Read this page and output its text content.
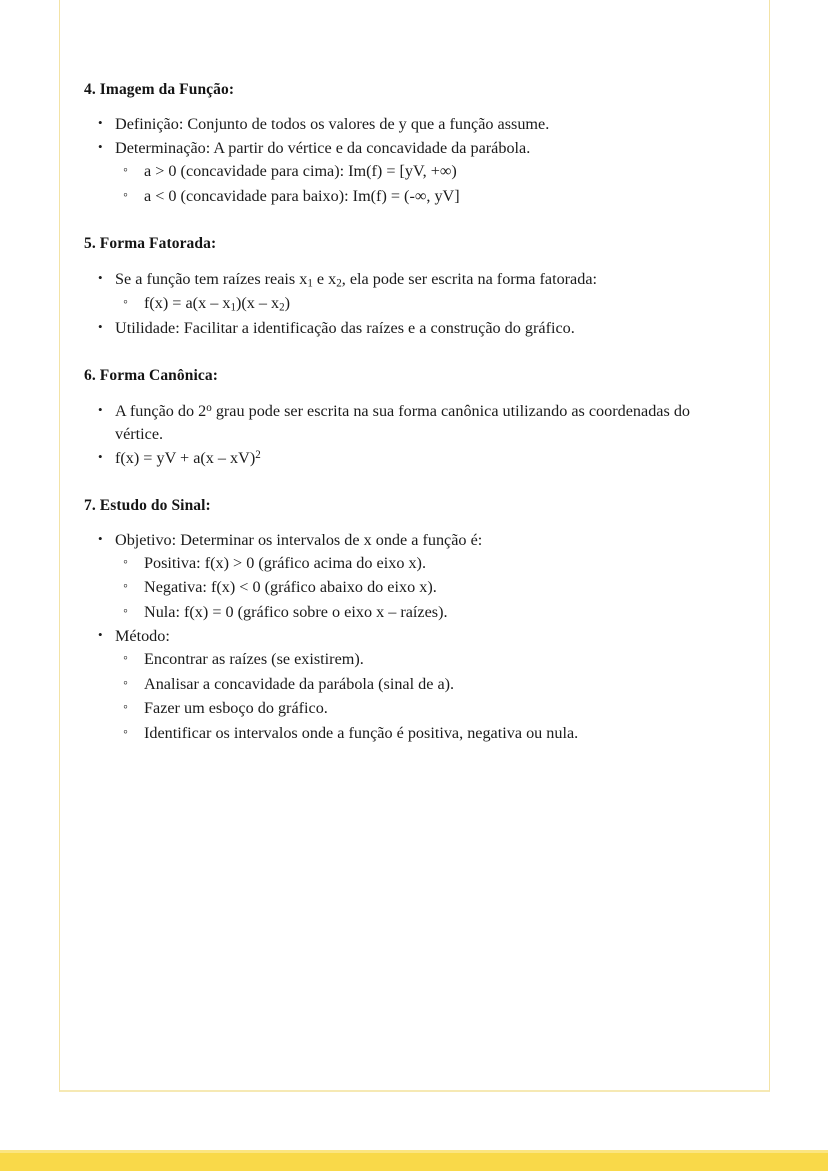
4. Imagem da Função:
• Definição: Conjunto de todos os valores de y que a função assume.
• Determinação: A partir do vértice e da concavidade da parábola.
◦ a > 0 (concavidade para cima): Im(f) = [yV, +∞)
◦ a < 0 (concavidade para baixo): Im(f) = (-∞, yV]
5. Forma Fatorada:
• Se a função tem raízes reais $x_1$ e $x_2$, ela pode ser escrita na forma fatorada:
◦ $f(x) = a(x - x_1)(x - x_2)$
• Utilidade: Facilitar a identificação das raízes e a construção do gráfico.
6. Forma Canônica:
• A função do 2$^o$ grau pode ser escrita na sua forma canônica utilizando as coordenadas do vértice.
• f(x) = yV + a(x – xV)$^2$
7. Estudo do Sinal:
• Objetivo: Determinar os intervalos de x onde a função é:
◦ Positiva: f(x) > 0 (gráfico acima do eixo x).
◦ Negativa: f(x) < 0 (gráfico abaixo do eixo x).
◦ Nula: f(x) = 0 (gráfico sobre o eixo x – raízes).
• Método:
◦ Encontrar as raízes (se existirem).
◦ Analisar a concavidade da parábola (sinal de a).
◦ Fazer um esboço do gráfico.
◦ Identificar os intervalos onde a função é positiva, negativa ou nula.
